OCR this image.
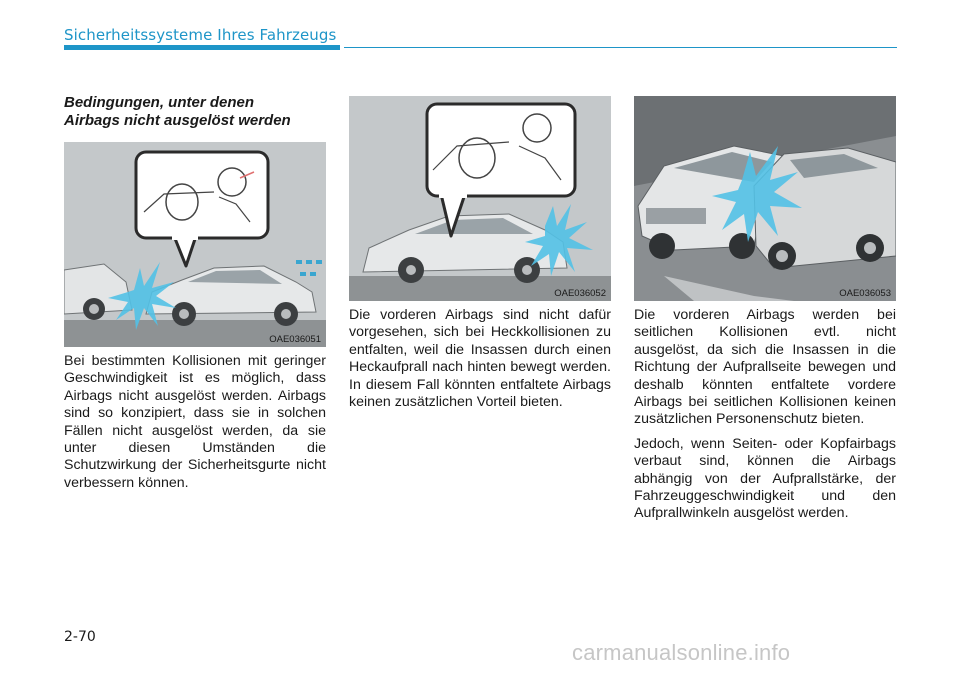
Sicherheitssysteme Ihres Fahrzeugs
Bedingungen, unter denen
Airbags nicht ausgelöst werden
OAE036051
OAE036052	OAE036053

Bei bestimmten Kollisionen mit geringer Geschwindigkeit ist es möglich, dass Airbags nicht ausgelöst werden. Airbags sind so konzipiert, dass sie in solchen Fällen nicht ausgelöst werden, da sie unter diesen Umständen die Schutzwirkung der Sicherheitsgurte nicht verbessern können.

Die vorderen Airbags sind nicht dafür vorgesehen, sich bei Heckkollisionen zu entfalten, weil die Insassen durch einen Heckaufprall nach hinten bewegt werden. In diesem Fall könnten entfaltete Airbags keinen zusätzlichen Vorteil bieten.

Die vorderen Airbags werden bei seitlichen Kollisionen evtl. nicht ausgelöst, da sich die Insassen in die Richtung der Aufprallseite bewegen und deshalb könnten entfaltete vordere Airbags bei seitlichen Kollisionen keinen zusätzlichen Personenschutz bieten.

Jedoch, wenn Seiten- oder Kopfairbags verbaut sind, können die Airbags abhängig von der Aufprallstärke, der Fahrzeuggeschwindigkeit und den Aufprallwinkeln ausgelöst werden.

2-70
carmanualsonline.info
